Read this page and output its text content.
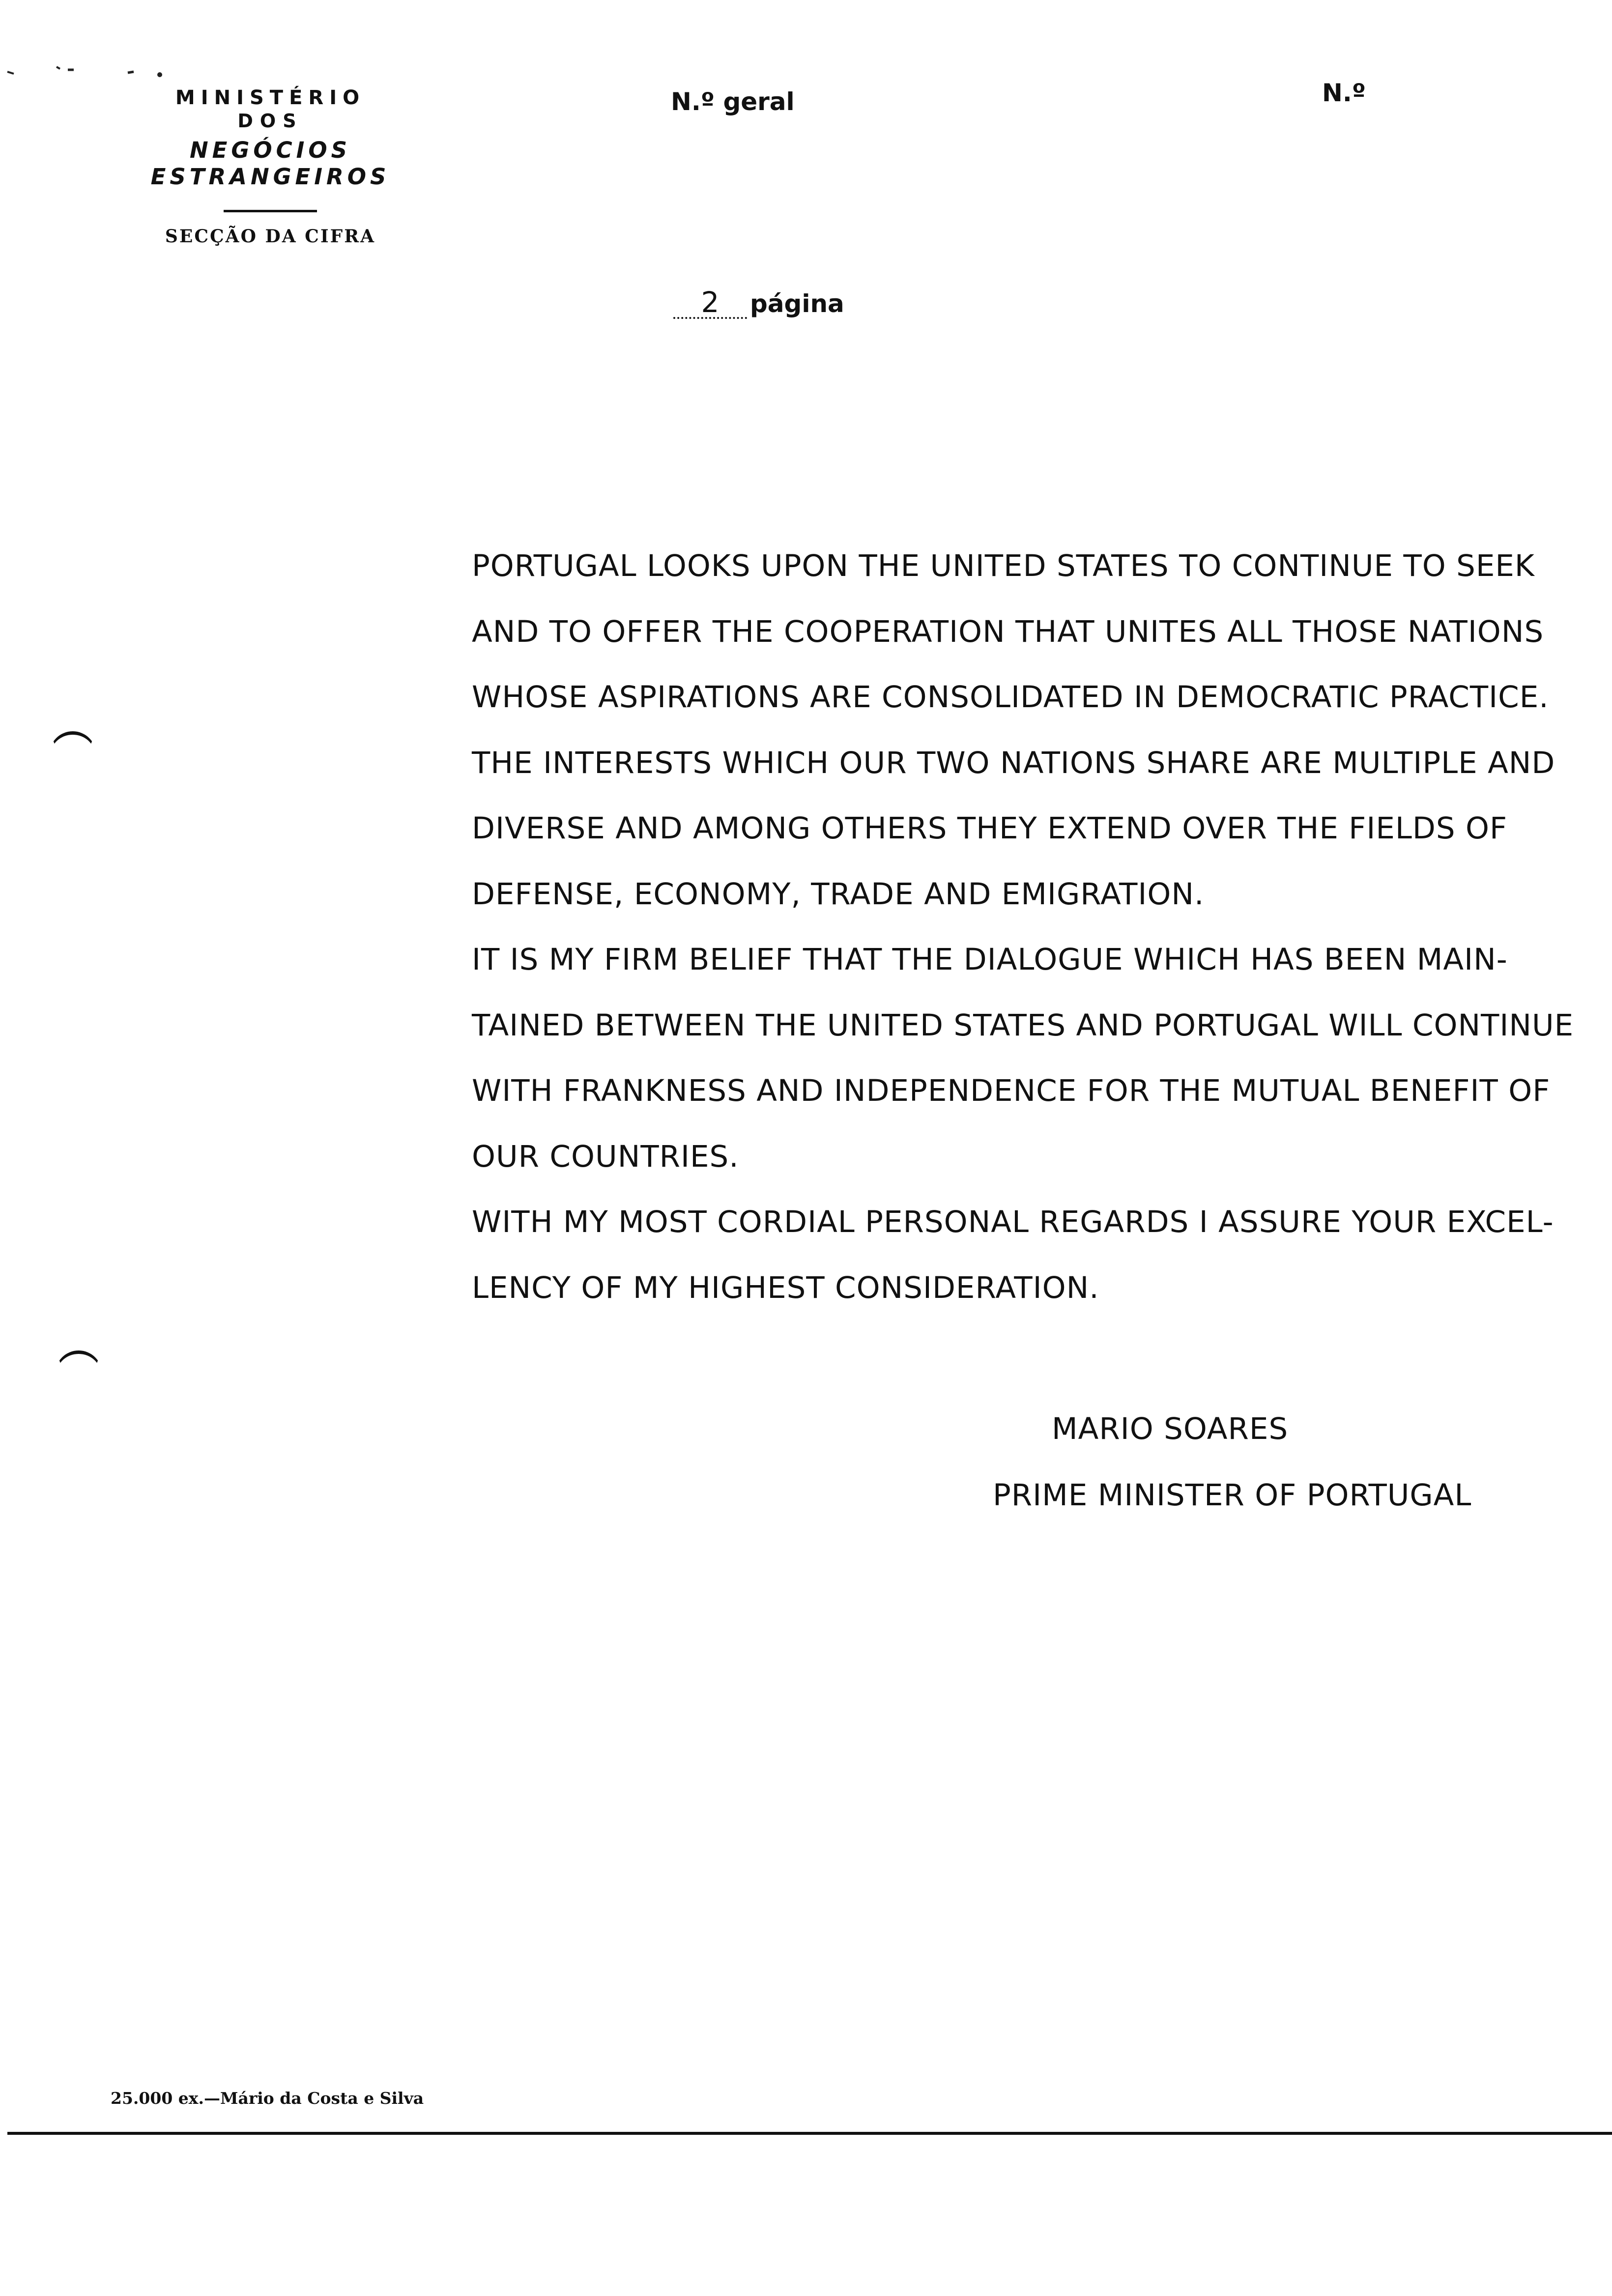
MINISTÉRIO
DOS
NEGÓCIOS ESTRANGEIROS
SECÇÃO DA CIFRA
N.º geral	N.º
2 página
PORTUGAL LOOKS UPON THE UNITED STATES TO CONTINUE TO SEEK
AND TO OFFER THE COOPERATION THAT UNITES ALL THOSE NATIONS
WHOSE ASPIRATIONS ARE CONSOLIDATED IN DEMOCRATIC PRACTICE.
THE INTERESTS WHICH OUR TWO NATIONS SHARE ARE MULTIPLE AND
DIVERSE AND AMONG OTHERS THEY EXTEND OVER THE FIELDS OF
DEFENSE, ECONOMY, TRADE AND EMIGRATION.
IT IS MY FIRM BELIEF THAT THE DIALOGUE WHICH HAS BEEN MAIN-
TAINED BETWEEN THE UNITED STATES AND PORTUGAL WILL CONTINUE
WITH FRANKNESS AND INDEPENDENCE FOR THE MUTUAL BENEFIT OF
OUR COUNTRIES.
WITH MY MOST CORDIAL PERSONAL REGARDS I ASSURE YOUR EXCEL-
LENCY OF MY HIGHEST CONSIDERATION.
MARIO SOARES
PRIME MINISTER OF PORTUGAL
25.000 ex.—Mário da Costa e Silva
